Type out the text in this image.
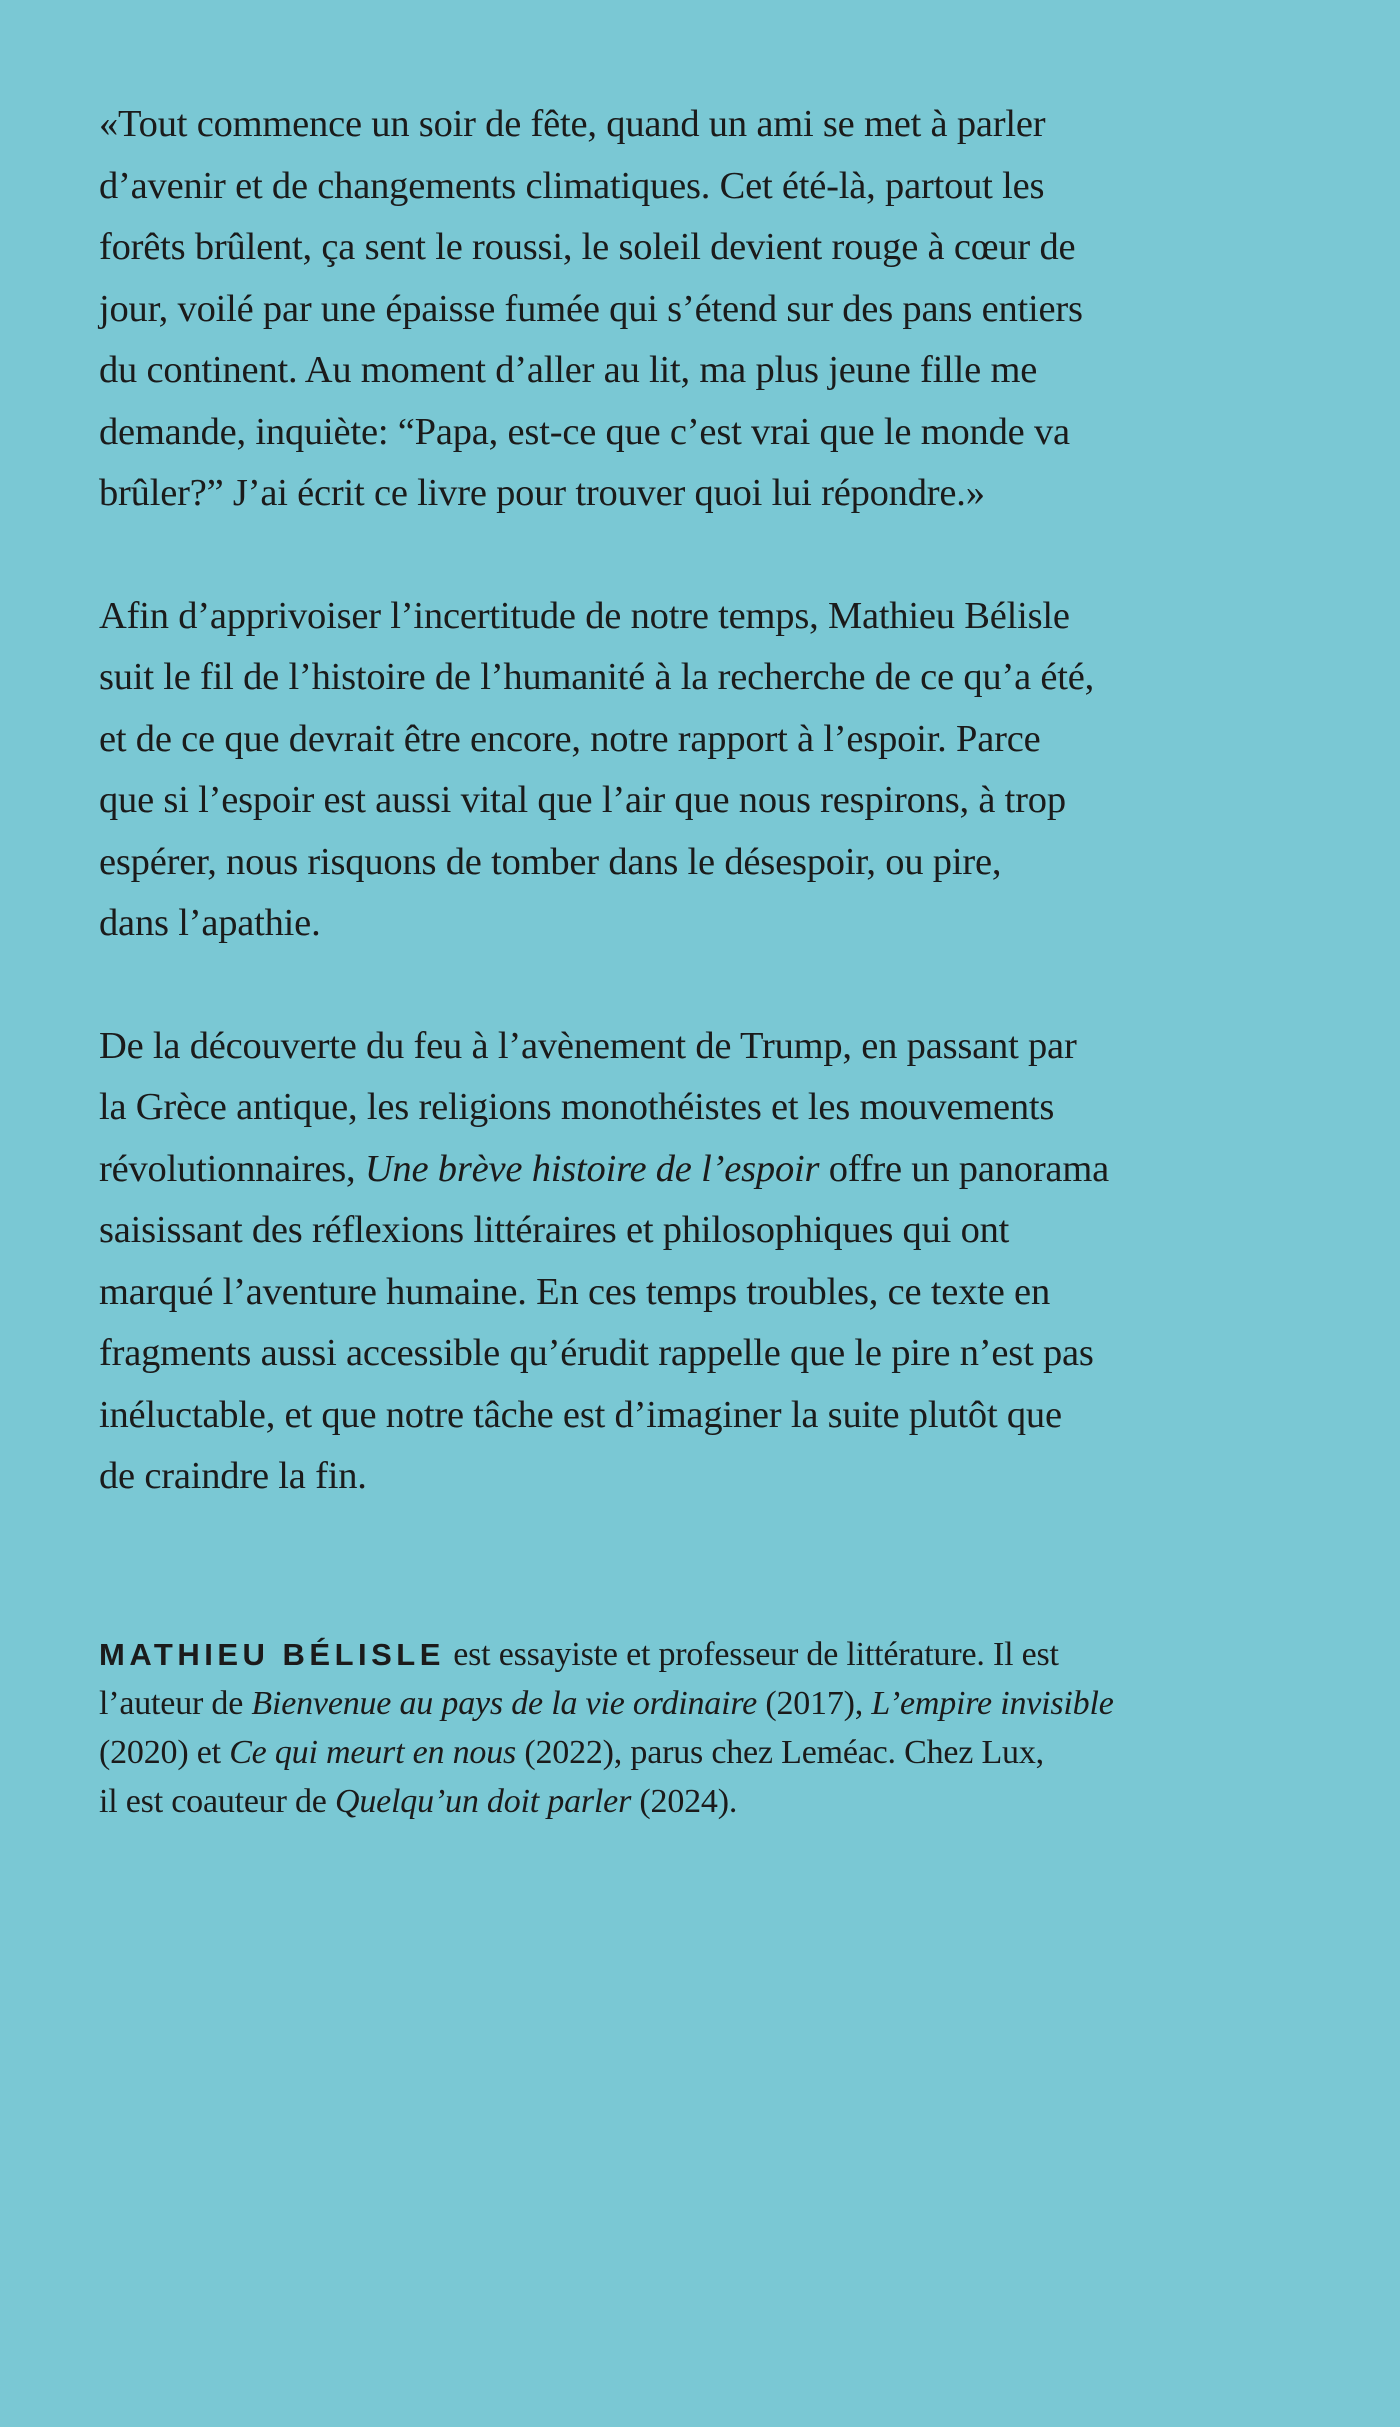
«Tout commence un soir de fête, quand un ami se met à parler
d’avenir et de changements climatiques. Cet été-là, partout les
forêts brûlent, ça sent le roussi, le soleil devient rouge à cœur de
jour, voilé par une épaisse fumée qui s’étend sur des pans entiers
du continent. Au moment d’aller au lit, ma plus jeune fille me
demande, inquiète: “Papa, est-ce que c’est vrai que le monde va
brûler?” J’ai écrit ce livre pour trouver quoi lui répondre.»

Afin d’apprivoiser l’incertitude de notre temps, Mathieu Bélisle
suit le fil de l’histoire de l’humanité à la recherche de ce qu’a été,
et de ce que devrait être encore, notre rapport à l’espoir. Parce
que si l’espoir est aussi vital que l’air que nous respirons, à trop
espérer, nous risquons de tomber dans le désespoir, ou pire,
dans l’apathie.

De la découverte du feu à l’avènement de Trump, en passant par
la Grèce antique, les religions monothéistes et les mouvements
révolutionnaires, Une brève histoire de l’espoir offre un panorama
saisissant des réflexions littéraires et philosophiques qui ont
marqué l’aventure humaine. En ces temps troubles, ce texte en
fragments aussi accessible qu’érudit rappelle que le pire n’est pas
inéluctable, et que notre tâche est d’imaginer la suite plutôt que
de craindre la fin.

MATHIEU BÉLISLE est essayiste et professeur de littérature. Il est
l’auteur de Bienvenue au pays de la vie ordinaire (2017), L’empire invisible
(2020) et Ce qui meurt en nous (2022), parus chez Leméac. Chez Lux,
il est coauteur de Quelqu’un doit parler (2024).
